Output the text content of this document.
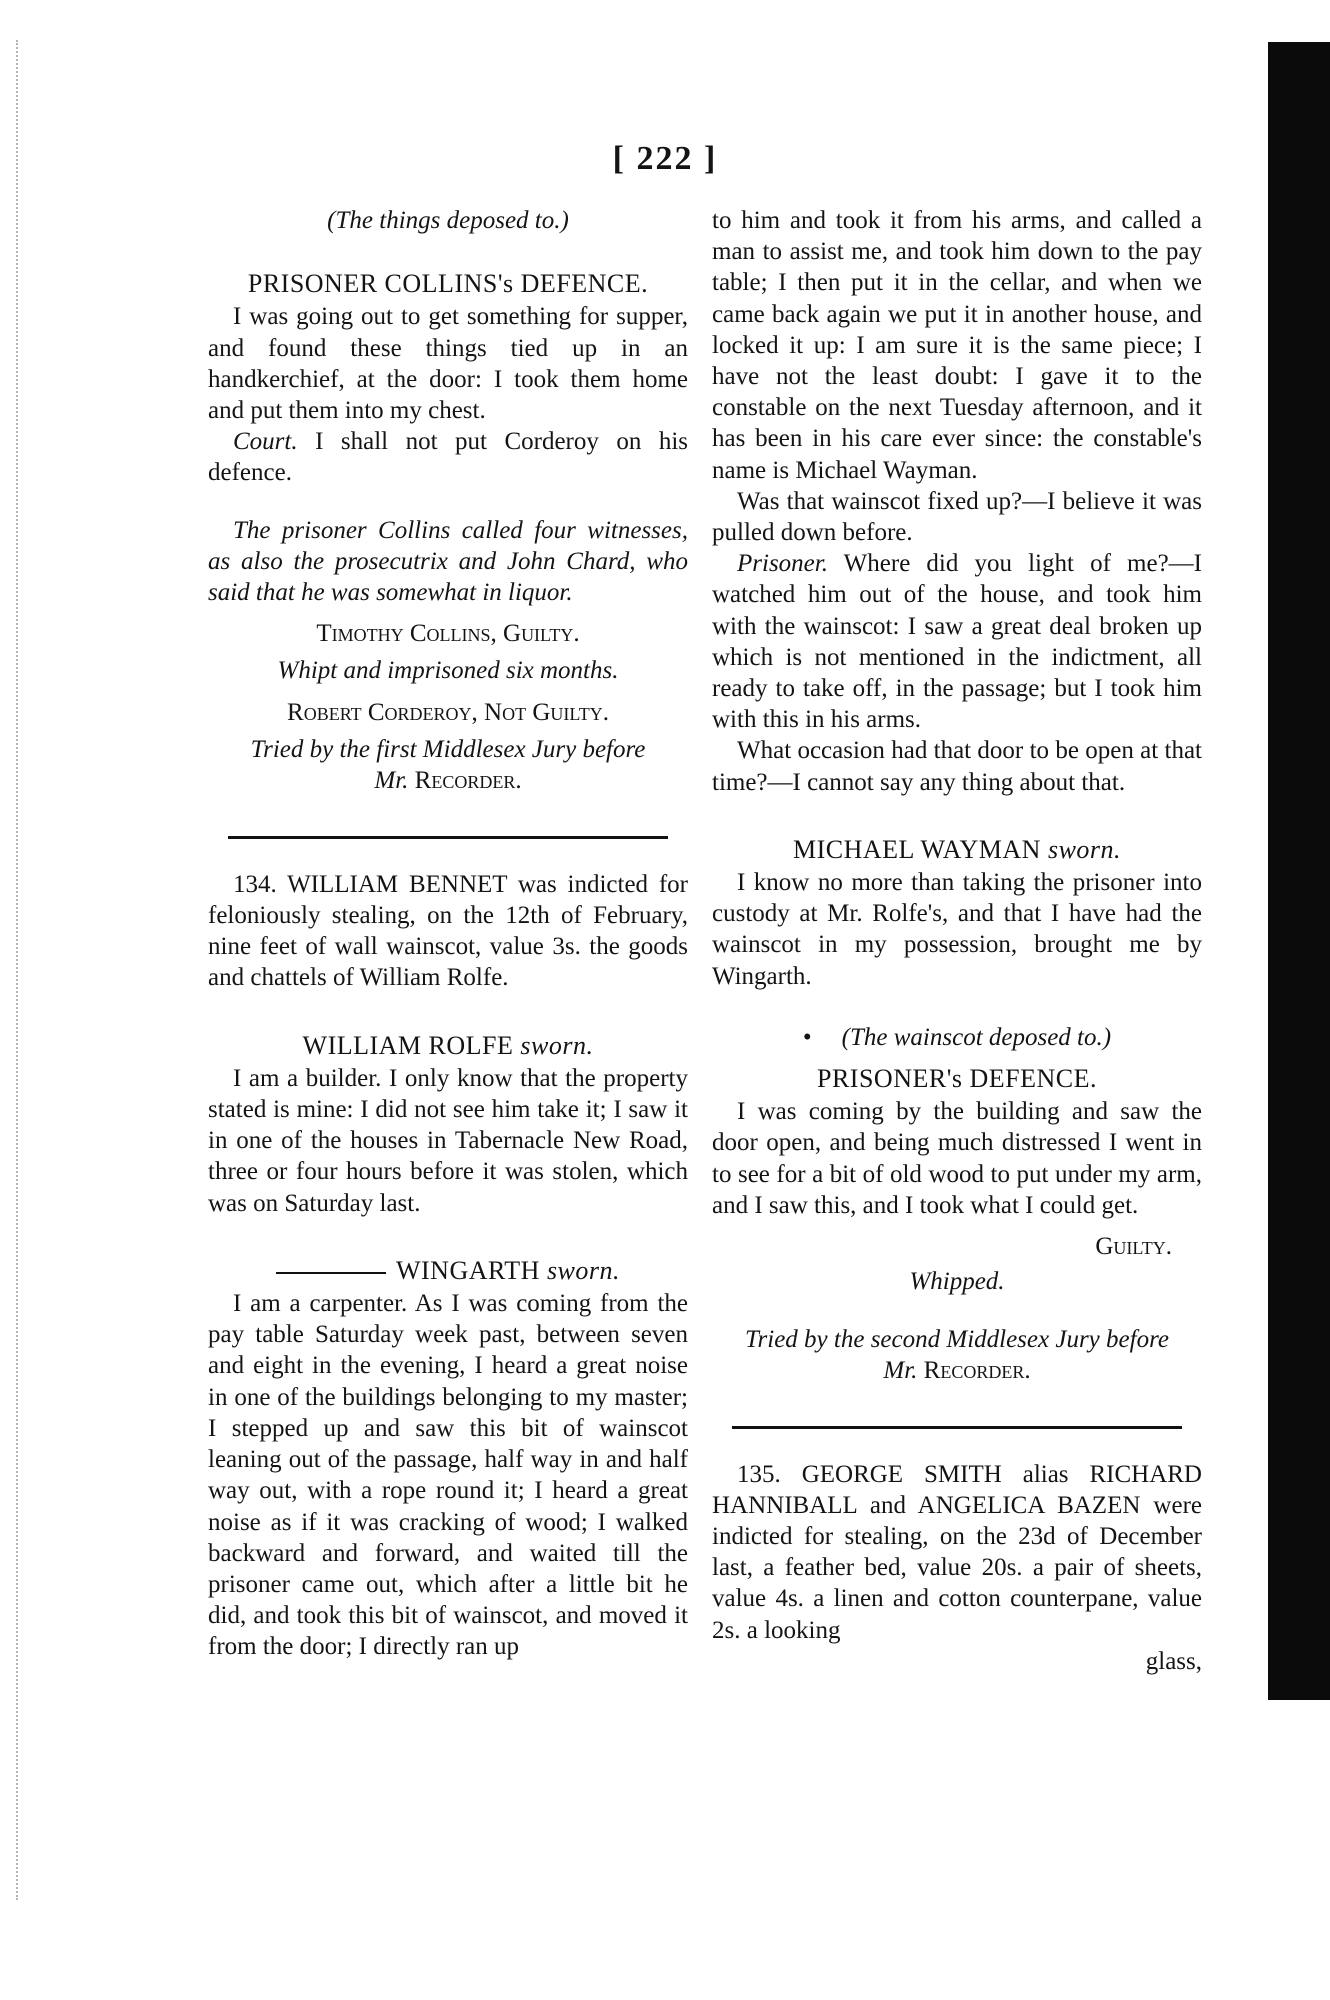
[ 222 ]
(The things deposed to.)
PRISONER COLLINS's DEFENCE.

I was going out to get something for supper, and found these things tied up in an handkerchief, at the door: I took them home and put them into my chest.

Court. I shall not put Corderoy on his defence.

The prisoner Collins called four witnesses, as also the prosecutrix and John Chard, who said that he was somewhat in liquor.

Timothy Collins, Guilty.
Whipt and imprisoned six months.
Robert Corderoy, Not Guilty.
Tried by the first Middlesex Jury before
Mr. Recorder.

134. WILLIAM BENNET was indicted for feloniously stealing, on the 12th of February, nine feet of wall wainscot, value 3s. the goods and chattels of William Rolfe.

WILLIAM ROLFE sworn.

I am a builder. I only know that the property stated is mine: I did not see him take it; I saw it in one of the houses in Tabernacle New Road, three or four hours before it was stolen, which was on Saturday last.

WINGARTH sworn.

I am a carpenter. As I was coming from the pay table Saturday week past, between seven and eight in the evening, I heard a great noise in one of the buildings belonging to my master; I stepped up and saw this bit of wainscot leaning out of the passage, half way in and half way out, with a rope round it; I heard a great noise as if it was cracking of wood; I walked backward and forward, and waited till the prisoner came out, which after a little bit he did, and took this bit of wainscot, and moved it from the door; I directly ran up

to him and took it from his arms, and called a man to assist me, and took him down to the pay table; I then put it in the cellar, and when we came back again we put it in another house, and locked it up: I am sure it is the same piece; I have not the least doubt: I gave it to the constable on the next Tuesday afternoon, and it has been in his care ever since: the constable's name is Michael Wayman.

Was that wainscot fixed up?—I believe it was pulled down before.

Prisoner. Where did you light of me?—I watched him out of the house, and took him with the wainscot: I saw a great deal broken up which is not mentioned in the indictment, all ready to take off, in the passage; but I took him with this in his arms.

What occasion had that door to be open at that time?—I cannot say any thing about that.

MICHAEL WAYMAN sworn.

I know no more than taking the prisoner into custody at Mr. Rolfe's, and that I have had the wainscot in my possession, brought me by Wingarth.

• (The wainscot deposed to.)
PRISONER's DEFENCE.

I was coming by the building and saw the door open, and being much distressed I went in to see for a bit of old wood to put under my arm, and I saw this, and I took what I could get.

Guilty.
Whipped.
Tried by the second Middlesex Jury before
Mr. Recorder.

135. GEORGE SMITH alias RICHARD HANNIBALL and ANGELICA BAZEN were indicted for stealing, on the 23d of December last, a feather bed, value 20s. a pair of sheets, value 4s. a linen and cotton counterpane, value 2s. a looking

glass,
